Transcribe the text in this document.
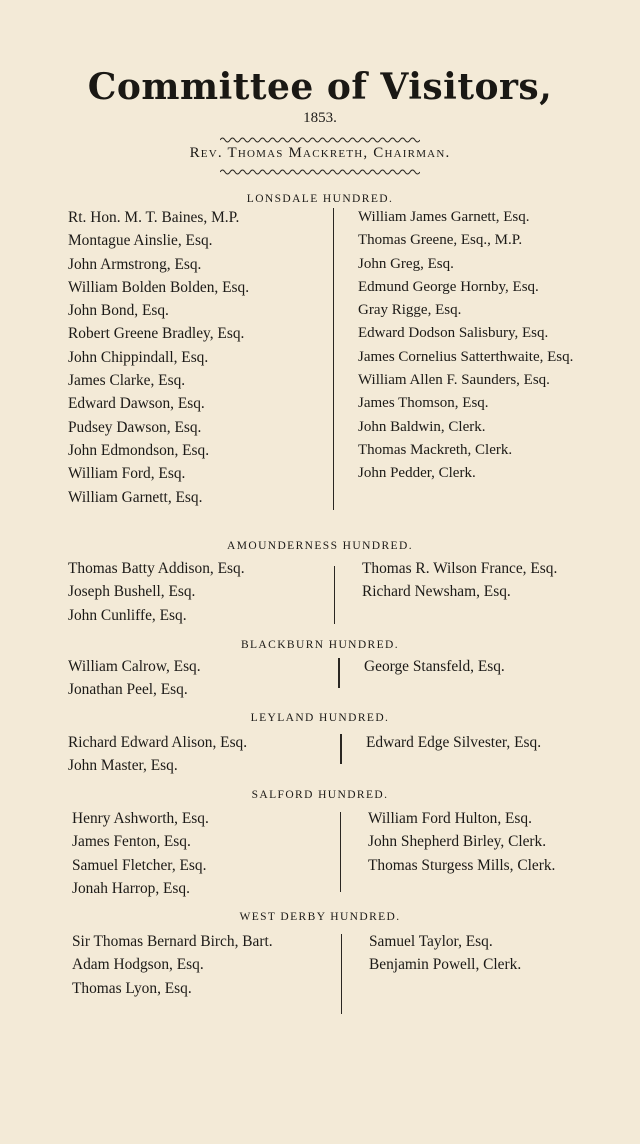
Committee of Visitors,
1853.
Rev. Thomas Mackreth, Chairman.
LONSDALE HUNDRED.
Rt. Hon. M. T. Baines, M.P.
Montague Ainslie, Esq.
John Armstrong, Esq.
William Bolden Bolden, Esq.
John Bond, Esq.
Robert Greene Bradley, Esq.
John Chippindall, Esq.
James Clarke, Esq.
Edward Dawson, Esq.
Pudsey Dawson, Esq.
John Edmondson, Esq.
William Ford, Esq.
William Garnett, Esq.
William James Garnett, Esq.
Thomas Greene, Esq., M.P.
John Greg, Esq.
Edmund George Hornby, Esq.
Gray Rigge, Esq.
Edward Dodson Salisbury, Esq.
James Cornelius Satterthwaite, Esq.
William Allen F. Saunders, Esq.
James Thomson, Esq.
John Baldwin, Clerk.
Thomas Mackreth, Clerk.
John Pedder, Clerk.
AMOUNDERNESS HUNDRED.
Thomas Batty Addison, Esq.
Joseph Bushell, Esq.
John Cunliffe, Esq.
Thomas R. Wilson France, Esq.
Richard Newsham, Esq.
BLACKBURN HUNDRED.
William Calrow, Esq.
Jonathan Peel, Esq.
George Stansfeld, Esq.
LEYLAND HUNDRED.
Richard Edward Alison, Esq.
John Master, Esq.
Edward Edge Silvester, Esq.
SALFORD HUNDRED.
Henry Ashworth, Esq.
James Fenton, Esq.
Samuel Fletcher, Esq.
Jonah Harrop, Esq.
William Ford Hulton, Esq.
John Shepherd Birley, Clerk.
Thomas Sturgess Mills, Clerk.
WEST DERBY HUNDRED.
Sir Thomas Bernard Birch, Bart.
Adam Hodgson, Esq.
Thomas Lyon, Esq.
Samuel Taylor, Esq.
Benjamin Powell, Clerk.
